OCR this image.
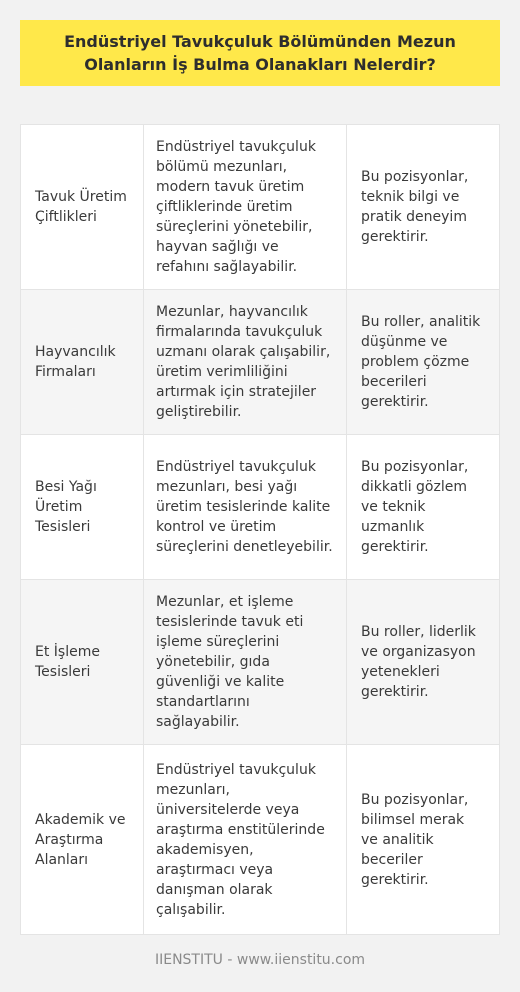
Endüstriyel Tavukçuluk Bölümünden Mezun Olanların İş Bulma Olanakları Nelerdir?
Tavuk Üretim Çiftlikleri
Endüstriyel tavukçuluk bölümü mezunları, modern tavuk üretim çiftliklerinde üretim süreçlerini yönetebilir, hayvan sağlığı ve refahını sağlayabilir.
Bu pozisyonlar, teknik bilgi ve pratik deneyim gerektirir.
Hayvancılık Firmaları
Mezunlar, hayvancılık firmalarında tavukçuluk uzmanı olarak çalışabilir, üretim verimliliğini artırmak için stratejiler geliştirebilir.
Bu roller, analitik düşünme ve problem çözme becerileri gerektirir.
Besi Yağı Üretim Tesisleri
Endüstriyel tavukçuluk mezunları, besi yağı üretim tesislerinde kalite kontrol ve üretim süreçlerini denetleyebilir.
Bu pozisyonlar, dikkatli gözlem ve teknik uzmanlık gerektirir.
Et İşleme Tesisleri
Mezunlar, et işleme tesislerinde tavuk eti işleme süreçlerini yönetebilir, gıda güvenliği ve kalite standartlarını sağlayabilir.
Bu roller, liderlik ve organizasyon yetenekleri gerektirir.
Akademik ve Araştırma Alanları
Endüstriyel tavukçuluk mezunları, üniversitelerde veya araştırma enstitülerinde akademisyen, araştırmacı veya danışman olarak çalışabilir.
Bu pozisyonlar, bilimsel merak ve analitik beceriler gerektirir.
IIENSTITU - www.iienstitu.com
